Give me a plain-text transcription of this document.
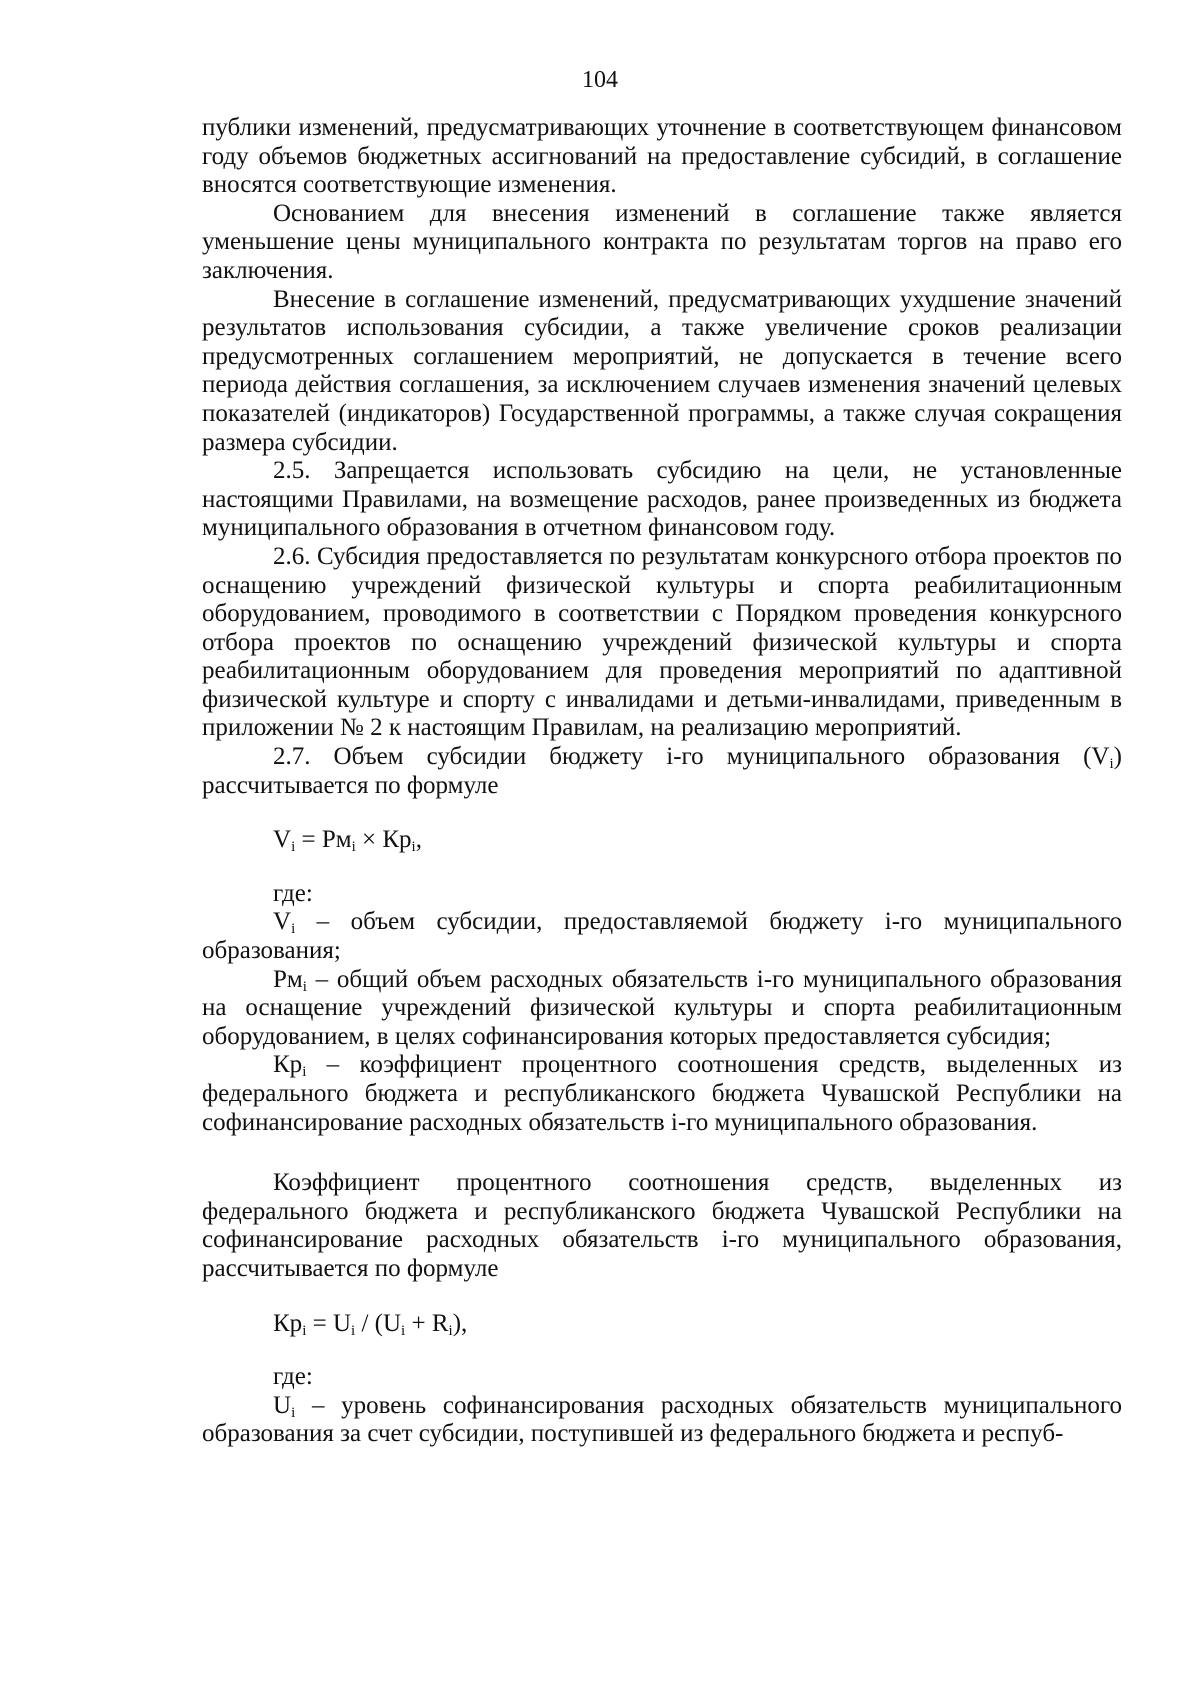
104

публики изменений, предусматривающих уточнение в соответствующем финансовом году объемов бюджетных ассигнований на предоставление субсидий, в соглашение вносятся соответствующие изменения.

Основанием для внесения изменений в соглашение также является уменьшение цены муниципального контракта по результатам торгов на право его заключения.

Внесение в соглашение изменений, предусматривающих ухудшение значений результатов использования субсидии, а также увеличение сроков реализации предусмотренных соглашением мероприятий, не допускается в течение всего периода действия соглашения, за исключением случаев изменения значений целевых показателей (индикаторов) Государственной программы, а также случая сокращения размера субсидии.

2.5. Запрещается использовать субсидию на цели, не установленные настоящими Правилами, на возмещение расходов, ранее произведенных из бюджета муниципального образования в отчетном финансовом году.

2.6. Субсидия предоставляется по результатам конкурсного отбора проектов по оснащению учреждений физической культуры и спорта реабилитационным оборудованием, проводимого в соответствии с Порядком проведения конкурсного отбора проектов по оснащению учреждений физической культуры и спорта реабилитационным оборудованием для проведения мероприятий по адаптивной физической культуре и спорту с инвалидами и детьми-инвалидами, приведенным в приложении № 2 к настоящим Правилам, на реализацию мероприятий.

2.7. Объем субсидии бюджету i-го муниципального образования $(V_i)$ рассчитывается по формуле

$V_i = Рм_i \times Кр_i$,

где:

$V_i$ – объем субсидии, предоставляемой бюджету i-го муниципального образования;

$Рм_i$ – общий объем расходных обязательств i-го муниципального образования на оснащение учреждений физической культуры и спорта реабилитационным оборудованием, в целях софинансирования которых предоставляется субсидия;

$Кр_i$ – коэффициент процентного соотношения средств, выделенных из федерального бюджета и республиканского бюджета Чувашской Республики на софинансирование расходных обязательств i-го муниципального образования.

Коэффициент процентного соотношения средств, выделенных из федерального бюджета и республиканского бюджета Чувашской Республики на софинансирование расходных обязательств i-го муниципального образования, рассчитывается по формуле

$Кр_i = U_i / (U_i + R_i)$,

где:

$U_i$ – уровень софинансирования расходных обязательств муниципального образования за счет субсидии, поступившей из федерального бюджета и респуб-
